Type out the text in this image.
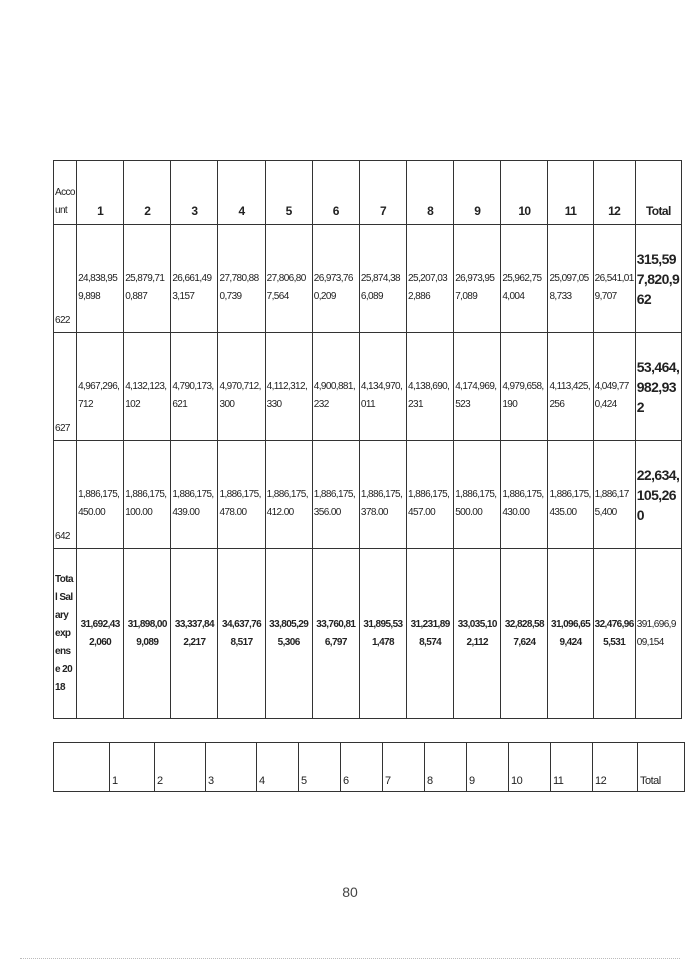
Acco unt	1	2	3	4	5	6	7	8	9	10	11	12	Total
622	24,838,959,898	25,879,710,887	26,661,493,157	27,780,880,739	27,806,807,564	26,973,760,209	25,874,386,089	25,207,032,886	26,973,957,089	25,962,754,004	25,097,058,733	26,541,019,707	315,597,820,962
627	4,967,296,712	4,132,123,102	4,790,173,621	4,970,712,300	4,112,312,330	4,900,881,232	4,134,970,011	4,138,690,231	4,174,969,523	4,979,658,190	4,113,425,256	4,049,770,424	53,464,982,932
642	1,886,175,450.00	1,886,175,100.00	1,886,175,439.00	1,886,175,478.00	1,886,175,412.00	1,886,175,356.00	1,886,175,378.00	1,886,175,457.00	1,886,175,500.00	1,886,175,430.00	1,886,175,435.00	1,886,175,400	22,634,105,260
Total Salary expense 2018	31,692,432,060	31,898,009,089	33,337,842,217	34,637,768,517	33,805,295,306	33,760,816,797	31,895,531,478	31,231,898,574	33,035,102,112	32,828,587,624	31,096,659,424	32,476,965,531	391,696,909,154
	1	2	3	4	5	6	7	8	9	10	11	12	Total
80
